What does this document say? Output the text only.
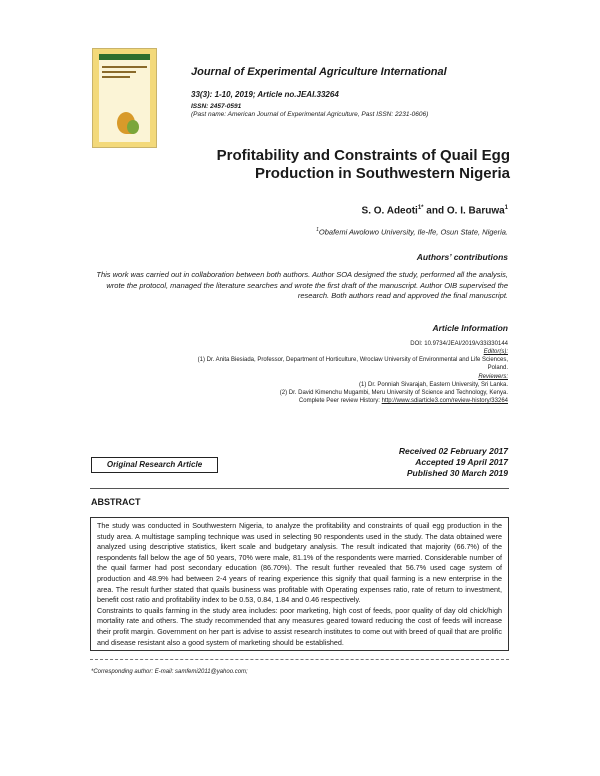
Journal of Experimental Agriculture International
33(3): 1-10, 2019; Article no.JEAI.33264
ISSN: 2457-0591
(Past name: American Journal of Experimental Agriculture, Past ISSN: 2231-0606)
Profitability and Constraints of Quail Egg
Production in Southwestern Nigeria
S. O. Adeoti$^{1*}$ and O. I. Baruwa$^1$
$^1$Obafemi Awolowo University, Ile-Ife, Osun State, Nigeria.
Authors’ contributions
This work was carried out in collaboration between both authors. Author SOA designed the study, performed all the analysis, wrote the protocol, managed the literature searches and wrote the first draft of the manuscript. Author OIB supervised the research. Both authors read and approved the final manuscript.
Article Information
DOI: 10.9734/JEAI/2019/v33i330144
Editor(s):
(1) Dr. Anita Biesiada, Professor, Department of Horticulture, Wroclaw University of Environmental and Life Sciences,
Poland.
Reviewers:
(1) Dr. Ponniah Sivarajah, Eastern University, Sri Lanka.
(2) Dr. David Kimenchu Mugambi, Meru University of Science and Technology, Kenya.
Complete Peer review History: http://www.sdiarticle3.com/review-history/33264
Original Research Article
Received 02 February 2017
Accepted 19 April 2017
Published 30 March 2019
ABSTRACT

The study was conducted in Southwestern Nigeria, to analyze the profitability and constraints of quail egg production in the study area. A multistage sampling technique was used in selecting 90 respondents used in the study. The data obtained were analyzed using descriptive statistics, likert scale and budgetary analysis. The result indicated that majority (66.7%) of the respondents fall below the age of 50 years, 70% were male, 81.1% of the respondents were married. Considerable number of the quail farmer had post secondary education (86.70%). The result further revealed that 56.7% used cage system of production and 48.9% had between 2-4 years of rearing experience this signify that quail farming is a new enterprise in the area. The result further stated that quails business was profitable with Operating expenses ratio, rate of return to investment, benefit cost ratio and profitability index to be 0.53, 0.84, 1.84 and 0.46 respectively.

Constraints to quails farming in the study area includes: poor marketing, high cost of feeds, poor quality of day old chick/high mortality rate and others. The study recommended that any measures geared toward reducing the cost of feeds will increase their profit margin. Government on her part is advise to assist research institutes to come out with breed of quail that are prolific and disease resistant also a good system of marketing should be established.

*Corresponding author: E-mail: samfemi2011@yahoo.com;
